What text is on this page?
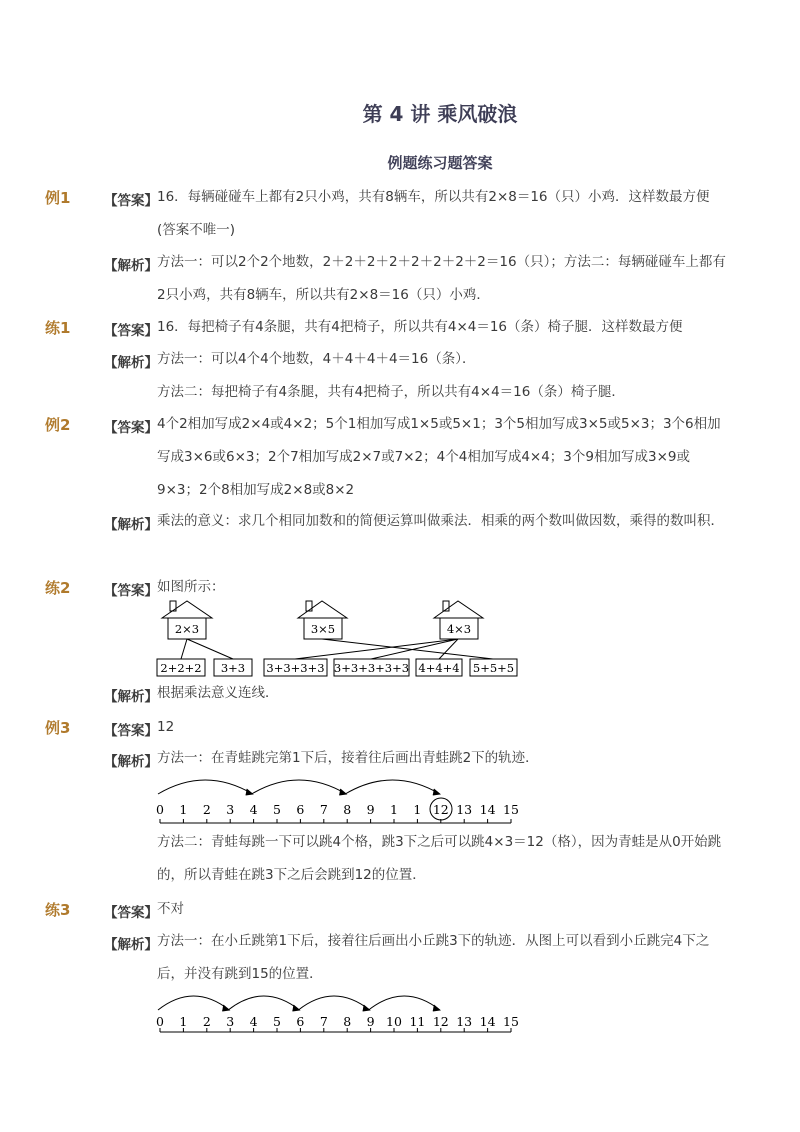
第 4 讲 乘风破浪
例题练习题答案
例1 【答案】 16．每辆碰碰车上都有2只小鸡，共有8辆车，所以共有2×8＝16（只）小鸡．这样数最方便(答案不唯一)
【解析】 方法一：可以2个2个地数，2＋2＋2＋2＋2＋2＋2＋2＝16（只）；方法二：每辆碰碰车上都有2只小鸡，共有8辆车，所以共有2×8＝16（只）小鸡．
练1 【答案】 16．每把椅子有4条腿，共有4把椅子，所以共有4×4＝16（条）椅子腿．这样数最方便
【解析】 方法一：可以4个4个地数，4＋4＋4＋4＝16（条）．
方法二：每把椅子有4条腿，共有4把椅子，所以共有4×4＝16（条）椅子腿．
例2 【答案】 4个2相加写成2×4或4×2；5个1相加写成1×5或5×1；3个5相加写成3×5或5×3；3个6相加写成3×6或6×3；2个7相加写成2×7或7×2；4个4相加写成4×4；3个9相加写成3×9或9×3；2个8相加写成2×8或8×2
【解析】 乘法的意义：求几个相同加数和的简便运算叫做乘法．相乘的两个数叫做因数，乘得的数叫积．
练2 【答案】 如图所示：
2×3	3×5	4×3
2+2+2 3+3 3+3+3+3 3+3+3+3+3 4+4+4 5+5+5
0 1 2 3 4 5 6 7 8 9 1 1 12 13 14 15
0 1 2 3 4 5 6 7 8 9 10 11 12 13 14 15
【解析】 根据乘法意义连线．
例3 【答案】 12
【解析】 方法一：在青蛙跳完第1下后，接着往后画出青蛙跳2下的轨迹．
方法二：青蛙每跳一下可以跳4个格，跳3下之后可以跳4×3＝12（格），因为青蛙是从0开始跳的，所以青蛙在跳3下之后会跳到12的位置．
练3 【答案】 不对
【解析】 方法一：在小丘跳第1下后，接着往后画出小丘跳3下的轨迹．从图上可以看到小丘跳完4下之后，并没有跳到15的位置．
